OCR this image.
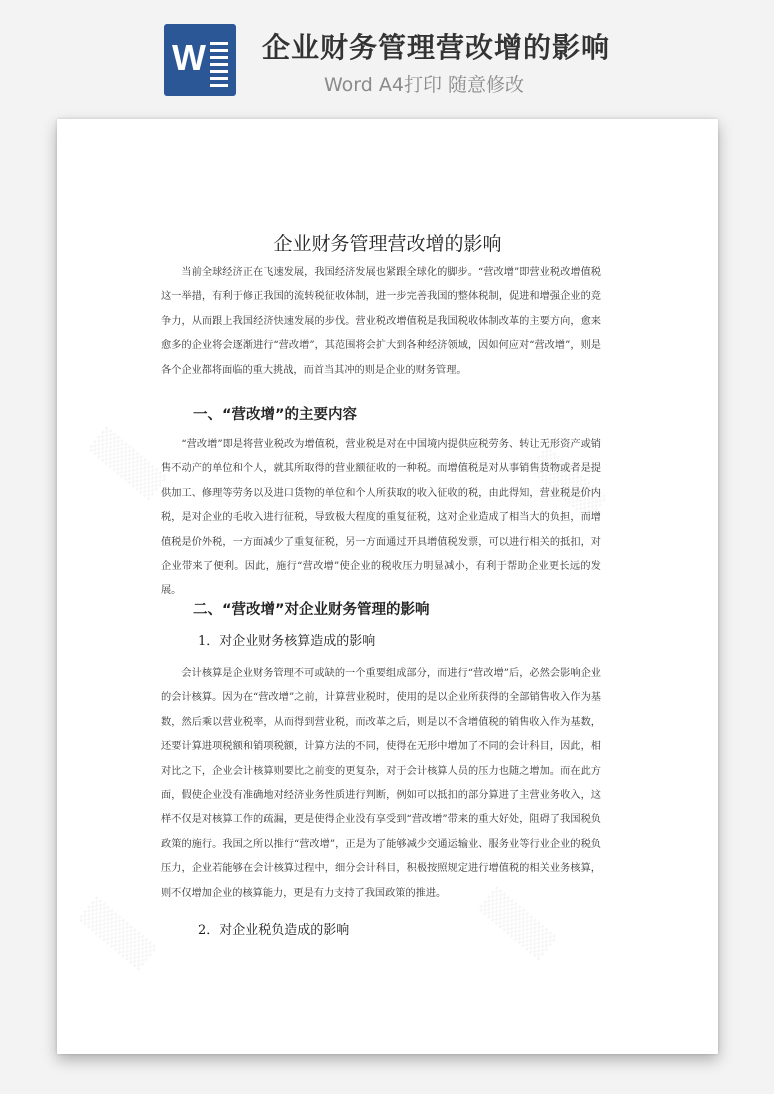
W 企业财务管理营改增的影响
Word A4打印 随意修改
企业财务管理营改增的影响

当前全球经济正在飞速发展，我国经济发展也紧跟全球化的脚步。“营改增”即营业税改增值税这一举措，有利于修正我国的流转税征收体制，进一步完善我国的整体税制，促进和增强企业的竞争力，从而跟上我国经济快速发展的步伐。营业税改增值税是我国税收体制改革的主要方向，愈来愈多的企业将会逐渐进行“营改增”，其范围将会扩大到各种经济领域，因如何应对“营改增”，则是各个企业都将面临的重大挑战，而首当其冲的则是企业的财务管理。

一、“营改增”的主要内容

“营改增”即是将营业税改为增值税，营业税是对在中国境内提供应税劳务、转让无形资产或销售不动产的单位和个人，就其所取得的营业额征收的一种税。而增值税是对从事销售货物或者是提供加工、修理等劳务以及进口货物的单位和个人所获取的收入征收的税，由此得知，营业税是价内税，是对企业的毛收入进行征税，导致极大程度的重复征税，这对企业造成了相当大的负担，而增值税是价外税，一方面减少了重复征税，另一方面通过开具增值税发票，可以进行相关的抵扣，对企业带来了便利。因此，施行“营改增”使企业的税收压力明显减小，有利于帮助企业更长远的发展。

二、“营改增”对企业财务管理的影响
1．对企业财务核算造成的影响

会计核算是企业财务管理不可或缺的一个重要组成部分，而进行“营改增”后，必然会影响企业的会计核算。因为在“营改增”之前，计算营业税时，使用的是以企业所获得的全部销售收入作为基数，然后乘以营业税率，从而得到营业税，而改革之后，则是以不含增值税的销售收入作为基数，还要计算进项税额和销项税额，计算方法的不同，使得在无形中增加了不同的会计科目，因此，相对比之下，企业会计核算则要比之前变的更复杂，对于会计核算人员的压力也随之增加。而在此方面，假使企业没有准确地对经济业务性质进行判断，例如可以抵扣的部分算进了主营业务收入，这样不仅是对核算工作的疏漏，更是使得企业没有享受到“营改增”带来的重大好处，阻碍了我国税负政策的施行。我国之所以推行“营改增”，正是为了能够减少交通运输业、服务业等行业企业的税负压力，企业若能够在会计核算过程中，细分会计科目，积极按照规定进行增值税的相关业务核算，则不仅增加企业的核算能力，更是有力支持了我国政策的推进。

2．对企业税负造成的影响
